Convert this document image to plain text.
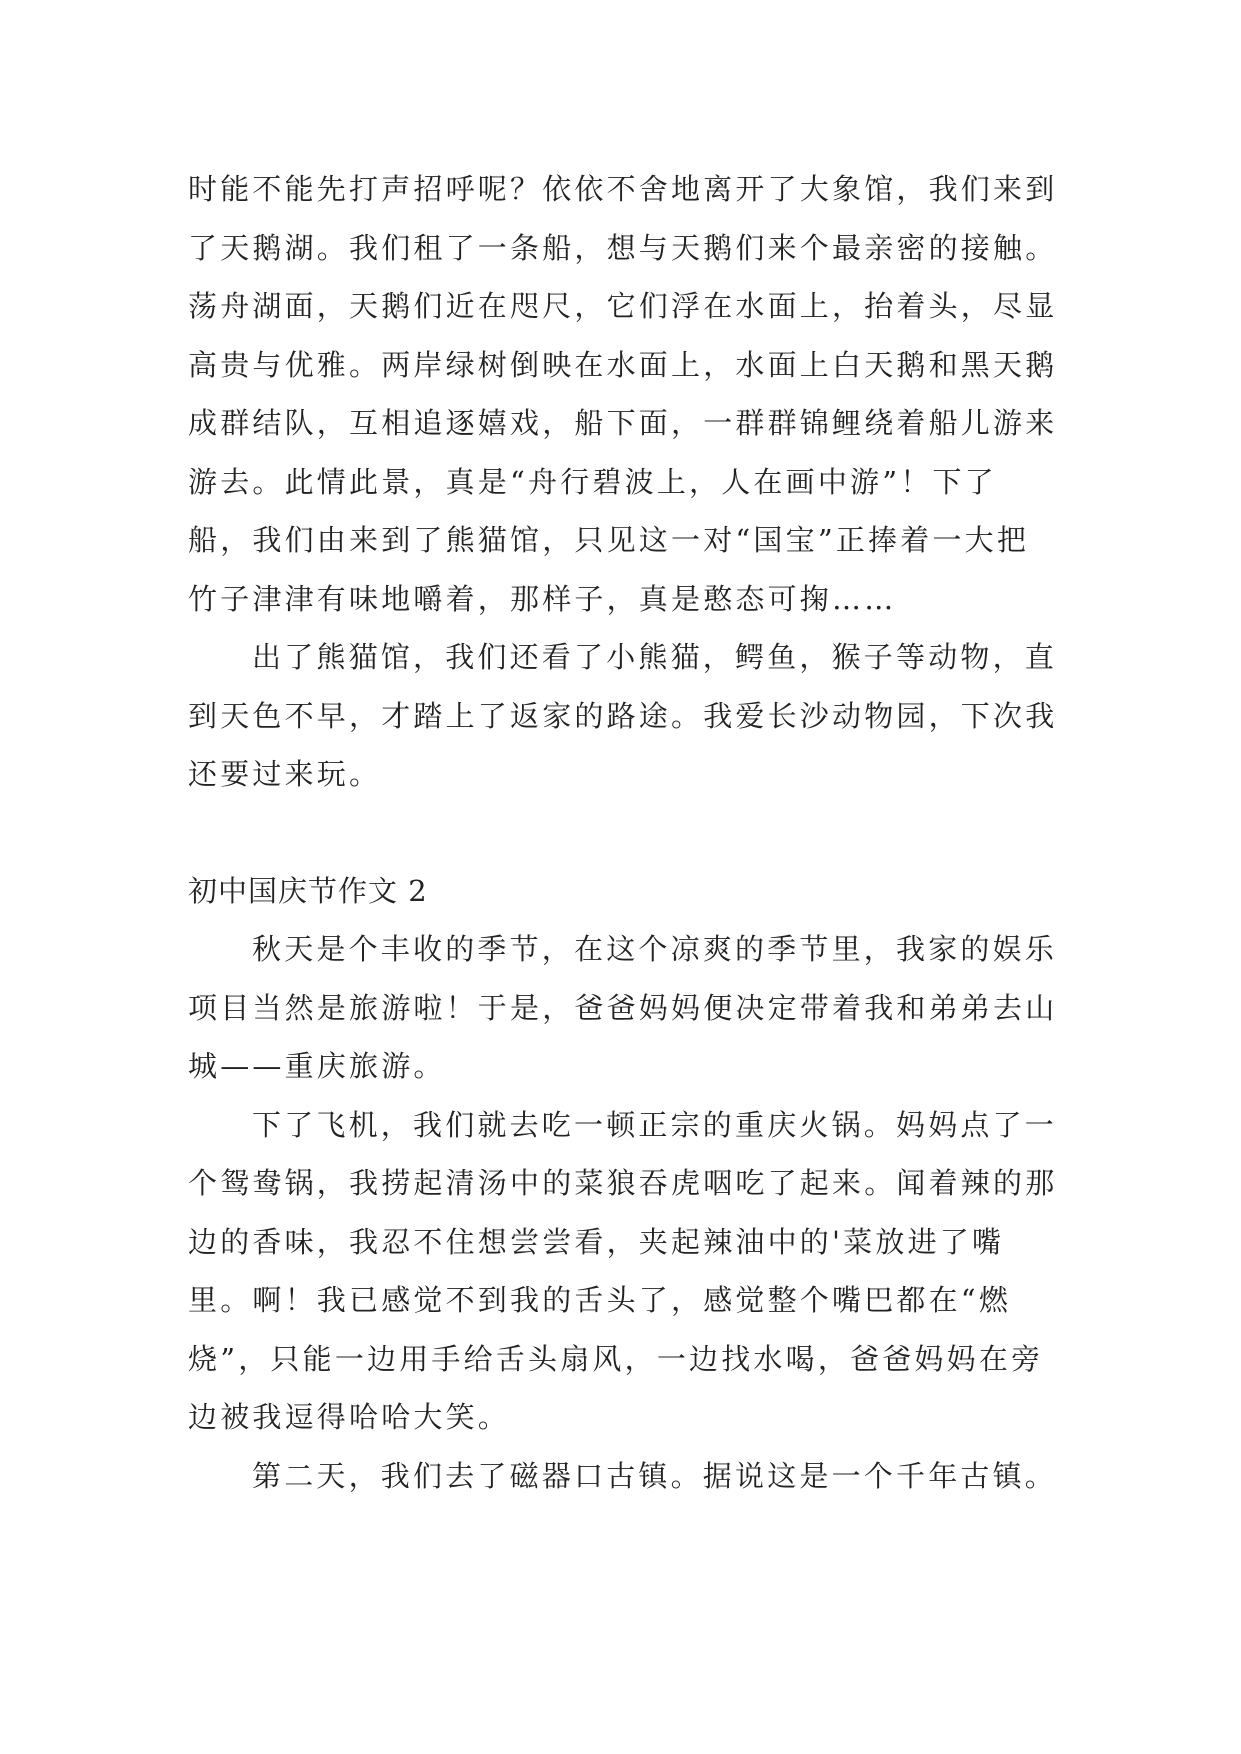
时能不能先打声招呼呢？依依不舍地离开了大象馆，我们来到了天鹅湖。我们租了一条船，想与天鹅们来个最亲密的接触。荡舟湖面，天鹅们近在咫尺，它们浮在水面上，抬着头，尽显高贵与优雅。两岸绿树倒映在水面上，水面上白天鹅和黑天鹅成群结队，互相追逐嬉戏，船下面，一群群锦鲤绕着船儿游来游去。此情此景，真是“舟行碧波上，人在画中游”！下了船，我们由来到了熊猫馆，只见这一对“国宝”正捧着一大把竹子津津有味地嚼着，那样子，真是憨态可掬……

出了熊猫馆，我们还看了小熊猫，鳄鱼，猴子等动物，直到天色不早，才踏上了返家的路途。我爱长沙动物园，下次我还要过来玩。

初中国庆节作文 2

秋天是个丰收的季节，在这个凉爽的季节里，我家的娱乐项目当然是旅游啦！于是，爸爸妈妈便决定带着我和弟弟去山城——重庆旅游。

下了飞机，我们就去吃一顿正宗的重庆火锅。妈妈点了一个鸳鸯锅，我捞起清汤中的菜狼吞虎咽吃了起来。闻着辣的那边的香味，我忍不住想尝尝看，夹起辣油中的'菜放进了嘴里。啊！我已感觉不到我的舌头了，感觉整个嘴巴都在“燃烧”，只能一边用手给舌头扇风，一边找水喝，爸爸妈妈在旁边被我逗得哈哈大笑。

第二天，我们去了磁器口古镇。据说这是一个千年古镇。
